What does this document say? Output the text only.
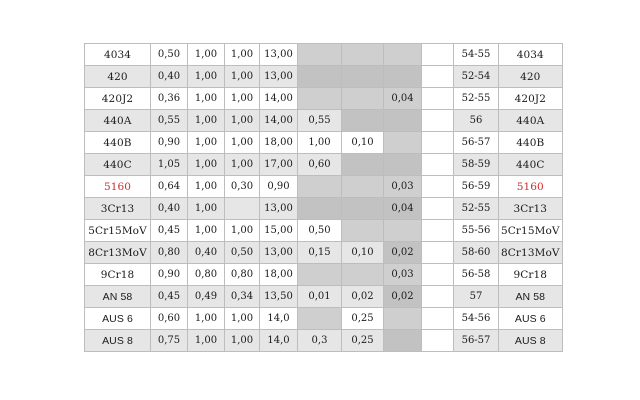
4034	0,50	1,00	1,00	13,00					54-55	4034
420	0,40	1,00	1,00	13,00					52-54	420
420J2	0,36	1,00	1,00	14,00			0,04		52-55	420J2
440A	0,55	1,00	1,00	14,00	0,55				56	440A
440B	0,90	1,00	1,00	18,00	1,00	0,10			56-57	440B
440C	1,05	1,00	1,00	17,00	0,60				58-59	440C
5160	0,64	1,00	0,30	0,90			0,03		56-59	5160
3Cr13	0,40	1,00		13,00			0,04		52-55	3Cr13
5Cr15MoV	0,45	1,00	1,00	15,00	0,50				55-56	5Cr15MoV
8Cr13MoV	0,80	0,40	0,50	13,00	0,15	0,10	0,02		58-60	8Cr13MoV
9Cr18	0,90	0,80	0,80	18,00			0,03		56-58	9Cr18
AN 58	0,45	0,49	0,34	13,50	0,01	0,02	0,02		57	AN 58
AUS 6	0,60	1,00	1,00	14,0		0,25			54-56	AUS 6
AUS 8	0,75	1,00	1,00	14,0	0,3	0,25			56-57	AUS 8
